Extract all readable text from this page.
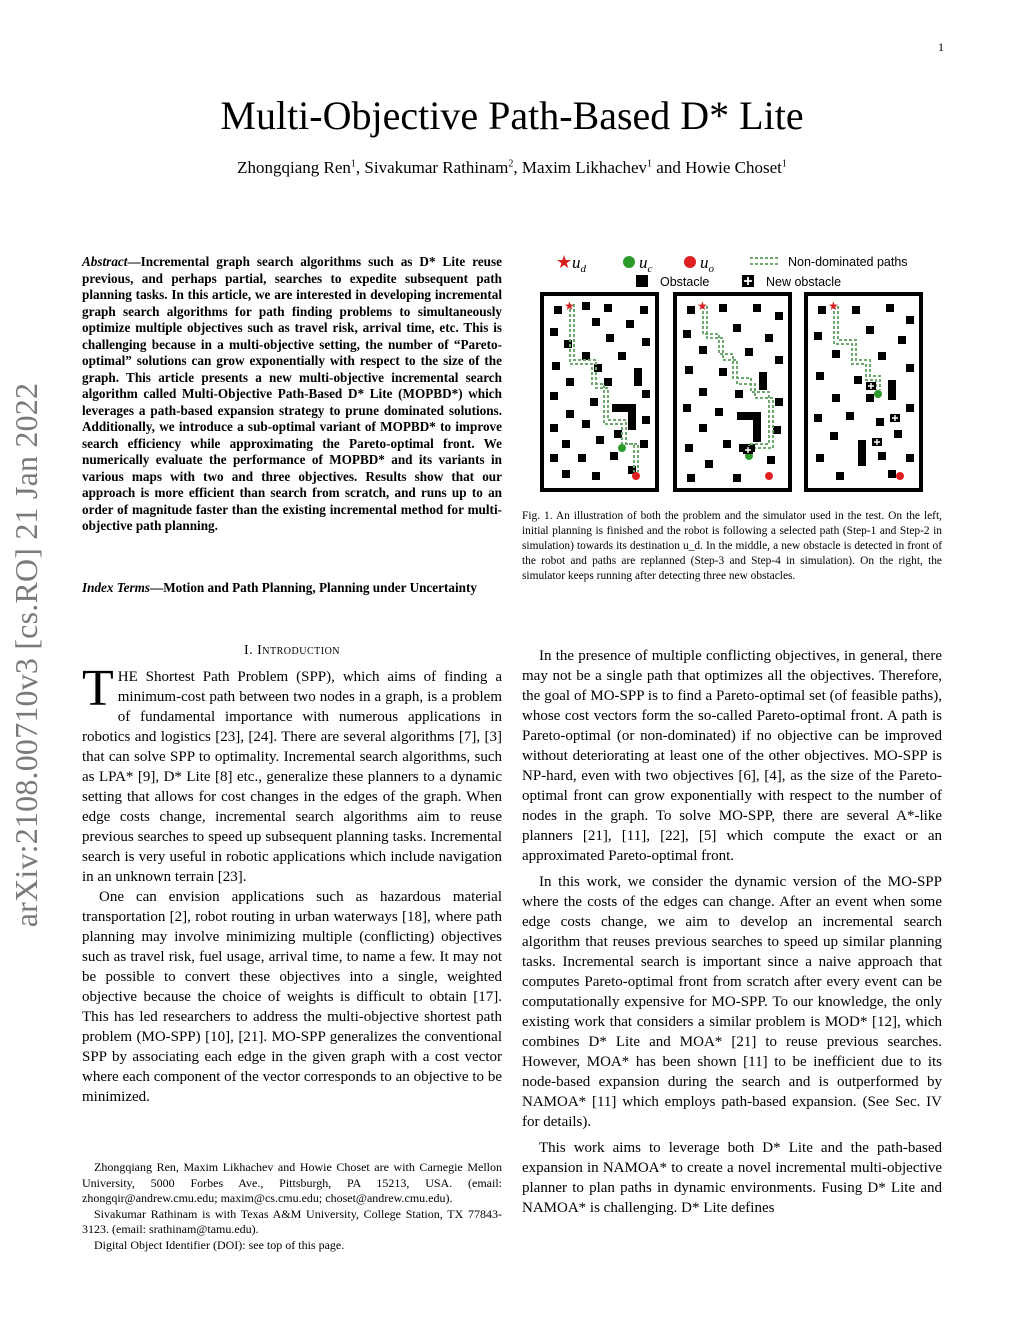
1
arXiv:2108.00710v3 [cs.RO] 21 Jan 2022
Multi-Objective Path-Based D* Lite
Zhongqiang Ren$^1$, Sivakumar Rathinam$^2$, Maxim Likhachev$^1$ and Howie Choset$^1$
Abstract—Incremental graph search algorithms such as D* Lite reuse previous, and perhaps partial, searches to expedite subsequent path planning tasks. In this article, we are interested in developing incremental graph search algorithms for path finding problems to simultaneously optimize multiple objectives such as travel risk, arrival time, etc. This is challenging because in a multi-objective setting, the number of “Pareto-optimal” solutions can grow exponentially with respect to the size of the graph. This article presents a new multi-objective incremental search algorithm called Multi-Objective Path-Based D* Lite (MOPBD*) which leverages a path-based expansion strategy to prune dominated solutions. Additionally, we introduce a sub-optimal variant of MOPBD* to improve search efficiency while approximating the Pareto-optimal front. We numerically evaluate the performance of MOPBD* and its variants in various maps with two and three objectives. Results show that our approach is more efficient than search from scratch, and runs up to an order of magnitude faster than the existing incremental method for multi-objective path planning.
Index Terms—Motion and Path Planning, Planning under Uncertainty
I. Introduction

THE Shortest Path Problem (SPP), which aims of finding a minimum-cost path between two nodes in a graph, is a problem of fundamental importance with numerous applications in robotics and logistics [23], [24]. There are several algorithms [7], [3] that can solve SPP to optimality. Incremental search algorithms, such as LPA* [9], D* Lite [8] etc., generalize these planners to a dynamic setting that allows for cost changes in the edges of the graph. When edge costs change, incremental search algorithms aim to reuse previous searches to speed up subsequent planning tasks. Incremental search is very useful in robotic applications which include navigation in an unknown terrain [23].

One can envision applications such as hazardous material transportation [2], robot routing in urban waterways [18], where path planning may involve minimizing multiple (conflicting) objectives such as travel risk, fuel usage, arrival time, to name a few. It may not be possible to convert these objectives into a single, weighted objective because the choice of weights is difficult to obtain [17]. This has led researchers to address the multi-objective shortest path problem (MO-SPP) [10], [21]. MO-SPP generalizes the conventional SPP by associating each edge in the given graph with a cost vector where each component of the vector corresponds to an objective to be minimized.

Zhongqiang Ren, Maxim Likhachev and Howie Choset are with Carnegie Mellon University, 5000 Forbes Ave., Pittsburgh, PA 15213, USA. (email: zhongqir@andrew.cmu.edu; maxim@cs.cmu.edu; choset@andrew.cmu.edu).

Sivakumar Rathinam is with Texas A&M University, College Station, TX 77843-3123. (email: srathinam@tamu.edu).

Digital Object Identifier (DOI): see top of this page.

★ $u_d$	$u_c$	$u_o$	Non-dominated paths
Obstacle	New obstacle
★	★	★
Fig. 1. An illustration of both the problem and the simulator used in the test. On the left, initial planning is finished and the robot is following a selected path (Step-1 and Step-2 in simulation) towards its destination u_d. In the middle, a new obstacle is detected in front of the robot and paths are replanned (Step-3 and Step-4 in simulation). On the right, the simulator keeps running after detecting three new obstacles.

In the presence of multiple conflicting objectives, in general, there may not be a single path that optimizes all the objectives. Therefore, the goal of MO-SPP is to find a Pareto-optimal set (of feasible paths), whose cost vectors form the so-called Pareto-optimal front. A path is Pareto-optimal (or non-dominated) if no objective can be improved without deteriorating at least one of the other objectives. MO-SPP is NP-hard, even with two objectives [6], [4], as the size of the Pareto-optimal front can grow exponentially with respect to the number of nodes in the graph. To solve MO-SPP, there are several A*-like planners [21], [11], [22], [5] which compute the exact or an approximated Pareto-optimal front.

In this work, we consider the dynamic version of the MO-SPP where the costs of the edges can change. After an event when some edge costs change, we aim to develop an incremental search algorithm that reuses previous searches to speed up similar planning tasks. Incremental search is important since a naive approach that computes Pareto-optimal front from scratch after every event can be computationally expensive for MO-SPP. To our knowledge, the only existing work that considers a similar problem is MOD* [12], which combines D* Lite and MOA* [21] to reuse previous searches. However, MOA* has been shown [11] to be inefficient due to its node-based expansion during the search and is outperformed by NAMOA* [11] which employs path-based expansion. (See Sec. IV for details).

This work aims to leverage both D* Lite and the path-based expansion in NAMOA* to create a novel incremental multi-objective planner to plan paths in dynamic environments. Fusing D* Lite and NAMOA* is challenging. D* Lite defines
